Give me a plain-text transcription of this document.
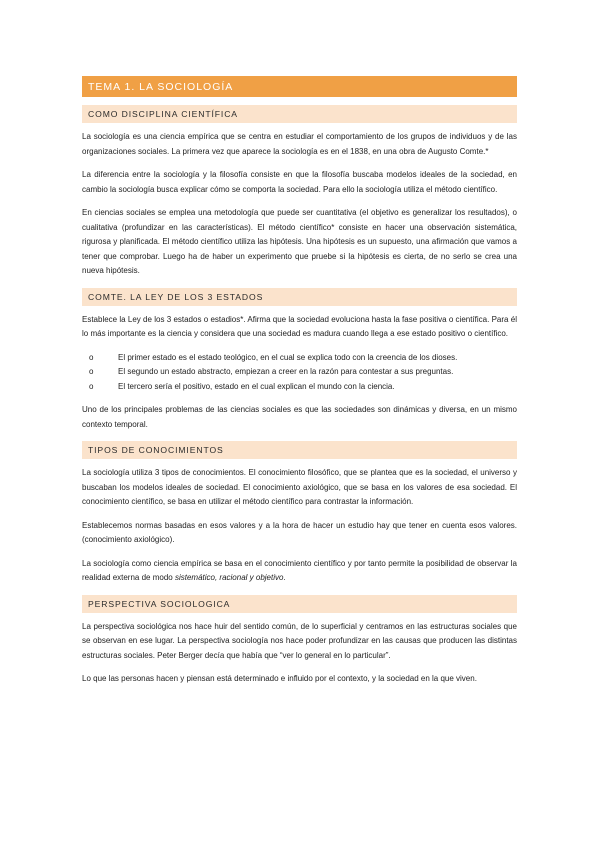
TEMA 1. LA SOCIOLOGÍA
COMO DISCIPLINA CIENTÍFICA

La sociología es una ciencia empírica que se centra en estudiar el comportamiento de los grupos de individuos y de las organizaciones sociales. La primera vez que aparece la sociología es en el 1838, en una obra de Augusto Comte.*

La diferencia entre la sociología y la filosofía consiste en que la filosofía buscaba modelos ideales de la sociedad, en cambio la sociología busca explicar cómo se comporta la sociedad. Para ello la sociología utiliza el método científico.

En ciencias sociales se emplea una metodología que puede ser cuantitativa (el objetivo es generalizar los resultados), o cualitativa (profundizar en las características). El método científico* consiste en hacer una observación sistemática, rigurosa y planificada. El método científico utiliza las hipótesis. Una hipótesis es un supuesto, una afirmación que vamos a tener que comprobar. Luego ha de haber un experimento que pruebe si la hipótesis es cierta, de no serlo se crea una nueva hipótesis.

COMTE. LA LEY DE LOS 3 ESTADOS

Establece la Ley de los 3 estados o estadios*. Afirma que la sociedad evoluciona hasta la fase positiva o científica. Para él lo más importante es la ciencia y considera que una sociedad es madura cuando llega a ese estado positivo o científico.

o	El primer estado es el estado teológico, en el cual se explica todo con la creencia de los dioses.
o	El segundo un estado abstracto, empiezan a creer en la razón para contestar a sus preguntas.
o	El tercero sería el positivo, estado en el cual explican el mundo con la ciencia.

Uno de los principales problemas de las ciencias sociales es que las sociedades son dinámicas y diversa, en un mismo contexto temporal.

TIPOS DE CONOCIMIENTOS

La sociología utiliza 3 tipos de conocimientos. El conocimiento filosófico, que se plantea que es la sociedad, el universo y buscaban los modelos ideales de sociedad. El conocimiento axiológico, que se basa en los valores de esa sociedad. El conocimiento científico, se basa en utilizar el método científico para contrastar la información.

Establecemos normas basadas en esos valores y a la hora de hacer un estudio hay que tener en cuenta esos valores. (conocimiento axiológico).

La sociología como ciencia empírica se basa en el conocimiento científico y por tanto permite la posibilidad de observar la realidad externa de modo sistemático, racional y objetivo.

PERSPECTIVA SOCIOLOGICA

La perspectiva sociológica nos hace huir del sentido común, de lo superficial y centramos en las estructuras sociales que se observan en ese lugar. La perspectiva sociología nos hace poder profundizar en las causas que producen las distintas estructuras sociales. Peter Berger decía que había que “ver lo general en lo particular”.

Lo que las personas hacen y piensan está determinado e influido por el contexto, y la sociedad en la que viven.
